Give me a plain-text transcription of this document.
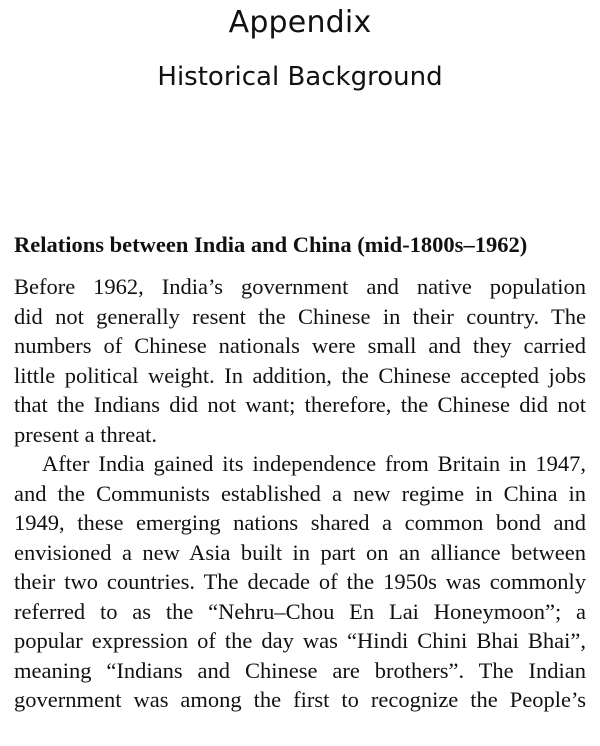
Appendix
Historical Background
Relations between India and China (mid-1800s–1962)
Before 1962, India’s government and native population
did not generally resent the Chinese in their country. The
numbers of Chinese nationals were small and they carried
little political weight. In addition, the Chinese accepted jobs
that the Indians did not want; therefore, the Chinese did not
present a threat.
After India gained its independence from Britain in 1947,
and the Communists established a new regime in China in
1949, these emerging nations shared a common bond and
envisioned a new Asia built in part on an alliance between
their two countries. The decade of the 1950s was commonly
referred to as the “Nehru–Chou En Lai Honeymoon”; a
popular expression of the day was “Hindi Chini Bhai Bhai”,
meaning “Indians and Chinese are brothers”. The Indian
government was among the first to recognize the People’s
